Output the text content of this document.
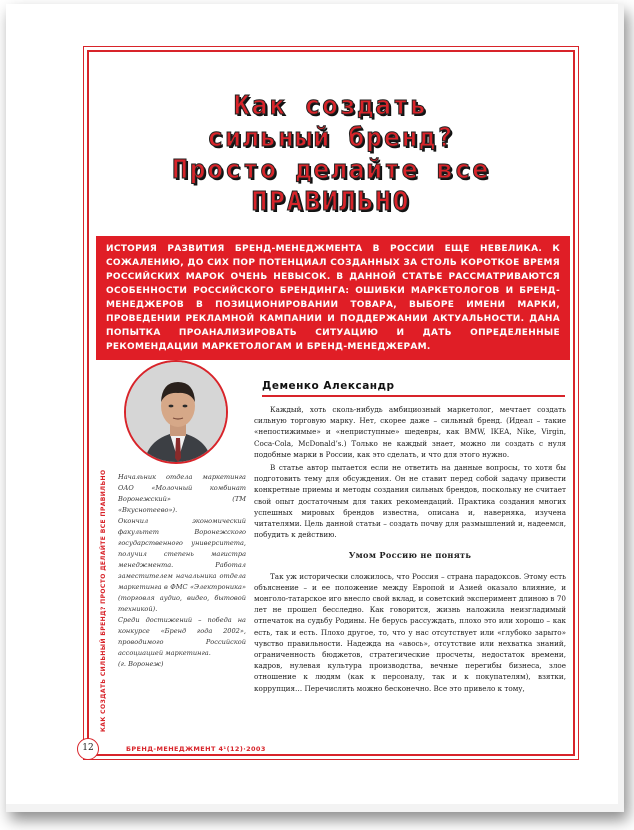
Как создать
сильный бренд?
Просто делайте все
ПРАВИЛЬНО
ИСТОРИЯ РАЗВИТИЯ БРЕНД-МЕНЕДЖМЕНТА В РОССИИ ЕЩЕ НЕВЕЛИКА. К СОЖАЛЕНИЮ, ДО СИХ ПОР ПОТЕНЦИАЛ СОЗДАННЫХ ЗА СТОЛЬ КОРОТКОЕ ВРЕМЯ РОССИЙСКИХ МАРОК ОЧЕНЬ НЕВЫСОК. В ДАННОЙ СТАТЬЕ РАССМАТРИВАЮТСЯ ОСОБЕННОСТИ РОССИЙСКОГО БРЕНДИНГА: ОШИБКИ МАРКЕТОЛОГОВ И БРЕНД-МЕНЕДЖЕРОВ В ПОЗИЦИОНИРОВАНИИ ТОВАРА, ВЫБОРЕ ИМЕНИ МАРКИ, ПРОВЕДЕНИИ РЕКЛАМНОЙ КАМПАНИИ И ПОДДЕРЖАНИИ АКТУАЛЬНОСТИ. ДАНА ПОПЫТКА ПРОАНАЛИЗИРОВАТЬ СИТУАЦИЮ И ДАТЬ ОПРЕДЕЛЕННЫЕ РЕКОМЕНДАЦИИ МАРКЕТОЛОГАМ И БРЕНД-МЕНЕДЖЕРАМ.
Деменко Александр
Начальник отдела маркетинга ОАО «Молочный комбинат Воронежский» (ТМ «Вкуснотеево»).
Окончил экономический факультет Воронежского государственного университета, получил степень магистра менеджмента. Работал заместителем начальника отдела маркетинга в ФМС «Электроника» (торговля аудио, видео, бытовой техникой).
Среди достижений – победа на конкурсе «Бренд года 2002», проводимого Российской ассоциацией маркетинга.
(г. Воронеж)

Каждый, хоть сколь-нибудь амбициозный маркетолог, мечтает создать сильную торговую марку. Нет, скорее даже – сильный бренд. (Идеал – такие «непостижимые» и «неприступные» шедевры, как BMW, IKEA, Nike, Virgin, Coca-Cola, McDonald’s.) Только не каждый знает, можно ли создать с нуля подобные марки в России, как это сделать, и что для этого нужно.

В статье автор пытается если не ответить на данные вопросы, то хотя бы подготовить тему для обсуждения. Он не ставит перед собой задачу привести конкретные приемы и методы создания сильных брендов, поскольку не считает свой опыт достаточным для таких рекомендаций. Практика создания многих успешных мировых брендов известна, описана и, наверняка, изучена читателями. Цель данной статьи – создать почву для размышлений и, надеемся, побудить к действию.

Умом Россию не понять

Так уж исторически сложилось, что Россия – страна парадоксов. Этому есть объяснение – и ее положение между Европой и Азией оказало влияние, и монголо-татарское иго внесло свой вклад, и советский эксперимент длиною в 70 лет не прошел бесследно. Как говорится, жизнь наложила неизгладимый отпечаток на судьбу Родины. Не берусь рассуждать, плохо это или хорошо – как есть, так и есть. Плохо другое, то, что у нас отсутствует или «глубоко зарыто» чувство правильности. Надежда на «авось», отсутствие или нехватка знаний, ограниченность бюджетов, стратегические просчеты, недостаток времени, кадров, нулевая культура производства, вечные перегибы бизнеса, злое отношение к людям (как к персоналу, так и к покупателям), взятки, коррупция… Перечислять можно бесконечно. Все это привело к тому,

КАК СОЗДАТЬ СИЛЬНЫЙ БРЕНД? ПРОСТО ДЕЛАЙТЕ ВСЕ ПРАВИЛЬНО
12	БРЕНД-МЕНЕДЖМЕНТ 4¹(12)·2003
